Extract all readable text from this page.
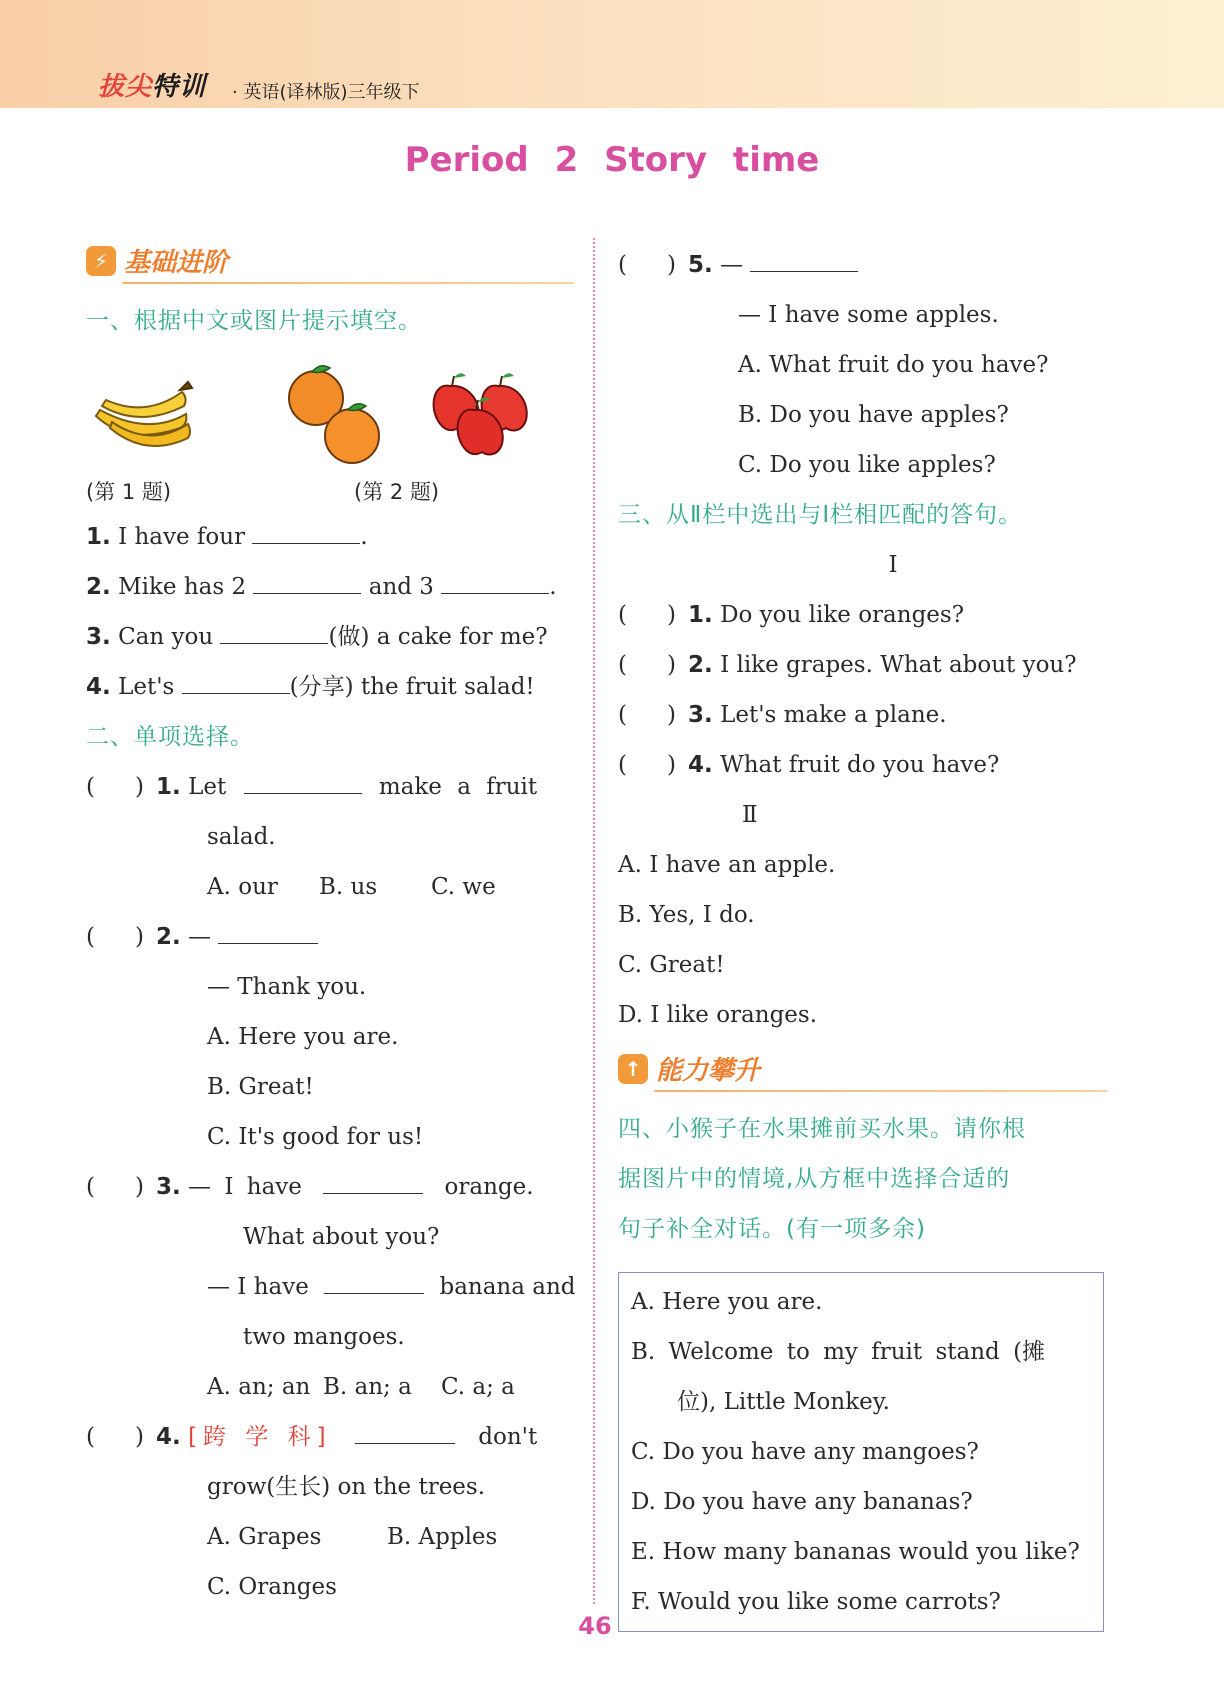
拔尖特训 · 英语(译林版)三年级下
Period 2 Story time
⚡ 基础进阶
一、根据中文或图片提示填空。
(第 1 题)	(第 2 题)
1. I have four	.
2. Mike has 2	and 3	.
3. Can you	(做) a cake for me?
4. Let's	(分享) the fruit salad!
二、单项选择。
( ) 1. Let	make a fruit
salad.
A. our B. us C. we
( ) 2. —
— Thank you.
A. Here you are.
B. Great!
C. It's good for us!
( ) 3. — I have	orange.
What about you?
— I have	banana and
two mangoes.
A. an; an B. an; a C. a; a
( ) 4. [跨 学 科]	don't
grow(生长) on the trees.
A. Grapes	B. Apples
C. Oranges
( ) 5. —
— I have some apples.
A. What fruit do you have?
B. Do you have apples?
C. Do you like apples?
三、从Ⅱ栏中选出与Ⅰ栏相匹配的答句。
Ⅰ
( ) 1. Do you like oranges?
( ) 2. I like grapes. What about you?
( ) 3. Let's make a plane.
( ) 4. What fruit do you have?
Ⅱ
A. I have an apple.
B. Yes, I do.
C. Great!
D. I like oranges.
↑ 能力攀升
四、小猴子在水果摊前买水果。请你根
据图片中的情境,从方框中选择合适的
句子补全对话。(有一项多余)
A. Here you are.
B. Welcome to my fruit stand (摊
位), Little Monkey.
C. Do you have any mangoes?
D. Do you have any bananas?
E. How many bananas would you like?
F. Would you like some carrots?
46
